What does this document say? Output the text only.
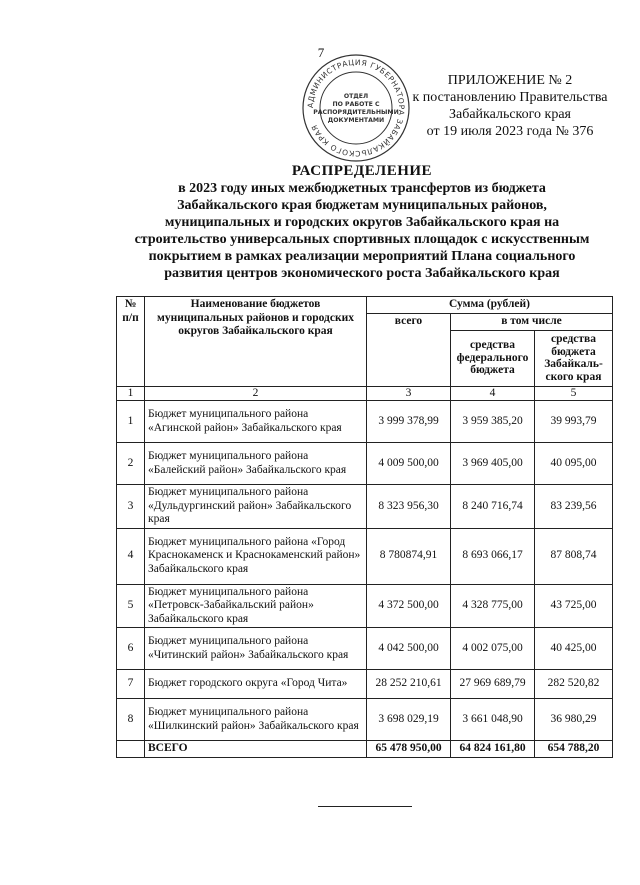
7
АДМИНИСТРАЦИЯ ГУБЕРНАТОРА ЗАБАЙКАЛЬСКОГО КРАЯ
ОТДЕЛ ПО РАБОТЕ С РАСПОРЯДИТЕЛЬНЫМИ ДОКУМЕНТАМИ
ПРИЛОЖЕНИЕ № 2
к постановлению Правительства
Забайкальского края
от 19 июля 2023 года № 376
РАСПРЕДЕЛЕНИЕ
в 2023 году иных межбюджетных трансфертов из бюджета
Забайкальского края бюджетам муниципальных районов,
муниципальных и городских округов Забайкальского края на
строительство универсальных спортивных площадок с искусственным
покрытием в рамках реализации мероприятий Плана социального
развития центров экономического роста Забайкальского края
№ п/п	Наименование бюджетов муниципальных районов и городских округов Забайкальского края	Сумма (рублей)		
		всего	в том числе	
			средства федерального бюджета	средства бюджета Забайкаль-ского края
1	2	3	4	5
1	Бюджет муниципального района «Агинской район» Забайкальского края	3 999 378,99	3 959 385,20	39 993,79
2	Бюджет муниципального района «Балейский район» Забайкальского края	4 009 500,00	3 969 405,00	40 095,00
3	Бюджет муниципального района «Дульдургинский район» Забайкальского края	8 323 956,30	8 240 716,74	83 239,56
4	Бюджет муниципального района «Город Краснокаменск и Краснокаменский район» Забайкальского края	8 780874,91	8 693 066,17	87 808,74
5	Бюджет муниципального района «Петровск-Забайкальский район» Забайкальского края	4 372 500,00	4 328 775,00	43 725,00
6	Бюджет муниципального района «Читинский район» Забайкальского края	4 042 500,00	4 002 075,00	40 425,00
7	Бюджет городского округа «Город Чита»	28 252 210,61	27 969 689,79	282 520,82
8	Бюджет муниципального района «Шилкинский район» Забайкальского края	3 698 029,19	3 661 048,90	36 980,29
	ВСЕГО	65 478 950,00	64 824 161,80	654 788,20
